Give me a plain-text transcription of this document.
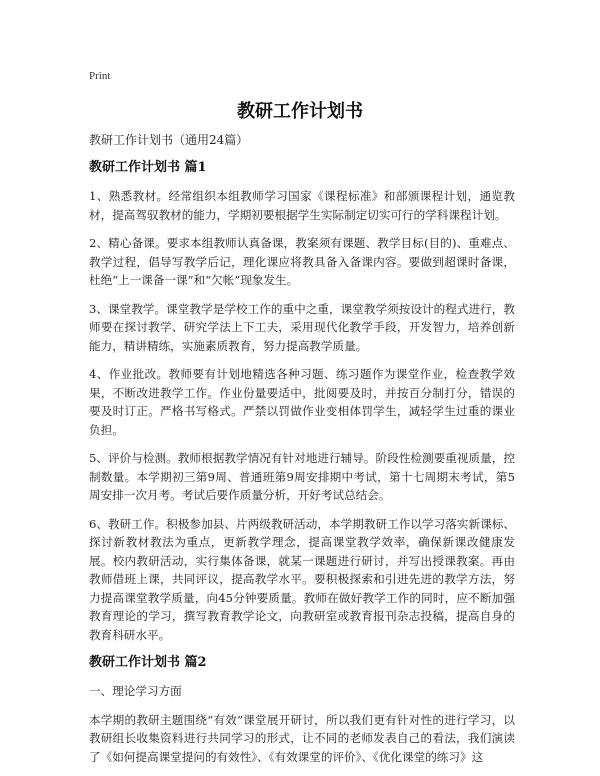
Print
教研工作计划书

教研工作计划书（通用24篇）

教研工作计划书 篇1

1、熟悉教材。经常组织本组教师学习国家《课程标准》和部颁课程计划，通览教材，提高驾驭教材的能力，学期初要根据学生实际制定切实可行的学科课程计划。

2、精心备课。要求本组教师认真备课，教案须有课题、教学目标(目的)、重难点、教学过程，倡导写教学后记，理化课应将教具备入备课内容。要做到超课时备课，杜绝“上一课备一课”和“欠帐”现象发生。

3、课堂教学。课堂教学是学校工作的重中之重，课堂教学须按设计的程式进行，教师要在探讨教学、研究学法上下工夫，采用现代化教学手段，开发智力，培养创新能力，精讲精练，实施素质教育，努力提高教学质量。

4、作业批改。教师要有计划地精选各种习题、练习题作为课堂作业，检查教学效果，不断改进教学工作。作业份量要适中，批阅要及时，并按百分制打分，错误的要及时订正。严格书写格式。严禁以罚做作业变相体罚学生，减轻学生过重的课业负担。

5、评价与检测。教师根据教学情况有针对地进行辅导。阶段性检测要重视质量，控制数量。本学期初三第9周、普通班第9周安排期中考试，第十七周期末考试，第5周安排一次月考。考试后要作质量分析，开好考试总结会。

6、教研工作。积极参加县、片两级教研活动，本学期教研工作以学习落实新课标、探讨新教材教法为重点，更新教学理念，提高课堂教学效率，确保新课改健康发展。校内教研活动，实行集体备课，就某一课题进行研讨，并写出授课教案。再由教师借班上课，共同评议，提高教学水平。要积极探索和引进先进的教学方法，努力提高课堂教学质量，向45分钟要质量。教师在做好教学工作的同时，应不断加强教育理论的学习，撰写教育教学论文，向教研室或教育报刊杂志投稿，提高自身的教育科研水平。

教研工作计划书 篇2

一、理论学习方面

本学期的教研主题围绕“有效”课堂展开研讨，所以我们更有针对性的进行学习，以教研组长收集资料进行共同学习的形式，让不同的老师发表自己的看法，我们演读了《如何提高课堂提问的有效性》、《有效课堂的评价》、《优化课堂的练习》这
